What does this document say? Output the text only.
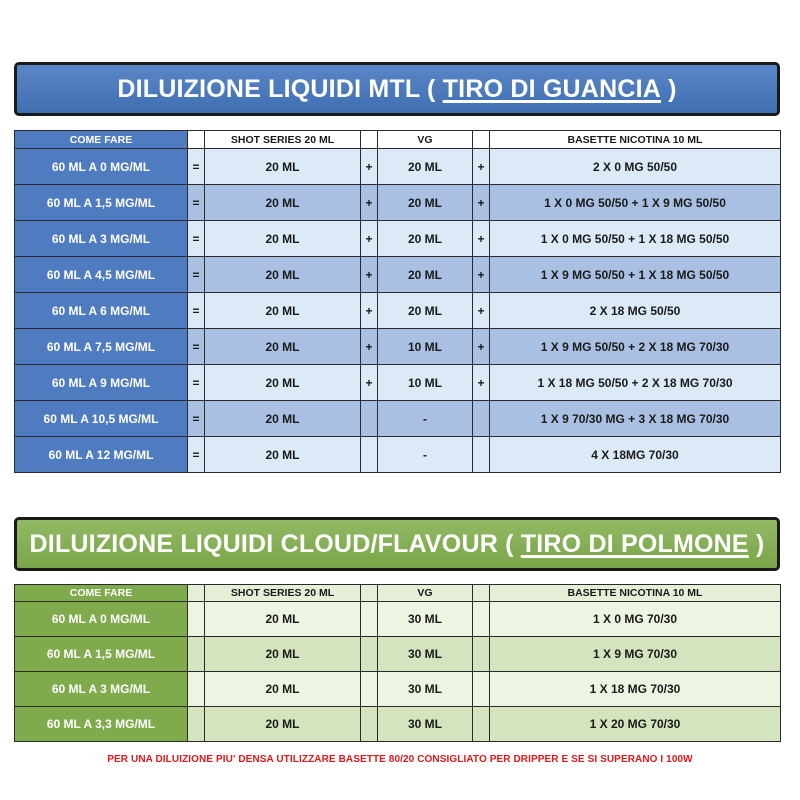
DILUIZIONE LIQUIDI MTL ( TIRO DI GUANCIA )
COME FARE		SHOT SERIES 20 ML		VG		BASETTE NICOTINA 10 ML
60 ML A 0 MG/ML	=	20 ML	+	20 ML	+	2 X 0 MG 50/50
60 ML A 1,5 MG/ML	=	20 ML	+	20 ML	+	1 X 0 MG 50/50 + 1 X 9 MG 50/50
60 ML A 3 MG/ML	=	20 ML	+	20 ML	+	1 X 0 MG 50/50 + 1 X 18 MG 50/50
60 ML A 4,5 MG/ML	=	20 ML	+	20 ML	+	1 X 9 MG 50/50 + 1 X 18 MG 50/50
60 ML A 6 MG/ML	=	20 ML	+	20 ML	+	2 X 18 MG 50/50
60 ML A 7,5 MG/ML	=	20 ML	+	10 ML	+	1 X 9 MG 50/50 + 2 X 18 MG 70/30
60 ML A 9 MG/ML	=	20 ML	+	10 ML	+	1 X 18 MG 50/50 + 2 X 18 MG 70/30
60 ML A 10,5 MG/ML	=	20 ML		-		1 X 9 70/30 MG + 3 X 18 MG 70/30
60 ML A 12 MG/ML	=	20 ML		-		4 X 18MG 70/30
DILUIZIONE LIQUIDI CLOUD/FLAVOUR ( TIRO DI POLMONE )
COME FARE		SHOT SERIES 20 ML		VG		BASETTE NICOTINA 10 ML
60 ML A 0 MG/ML		20 ML		30 ML		1 X 0 MG 70/30
60 ML A 1,5 MG/ML		20 ML		30 ML		1 X 9 MG 70/30
60 ML A 3 MG/ML		20 ML		30 ML		1 X 18 MG 70/30
60 ML A 3,3 MG/ML		20 ML		30 ML		1 X 20 MG 70/30
PER UNA DILUIZIONE PIU' DENSA UTILIZZARE BASETTE 80/20 CONSIGLIATO PER DRIPPER E SE SI SUPERANO I 100W
